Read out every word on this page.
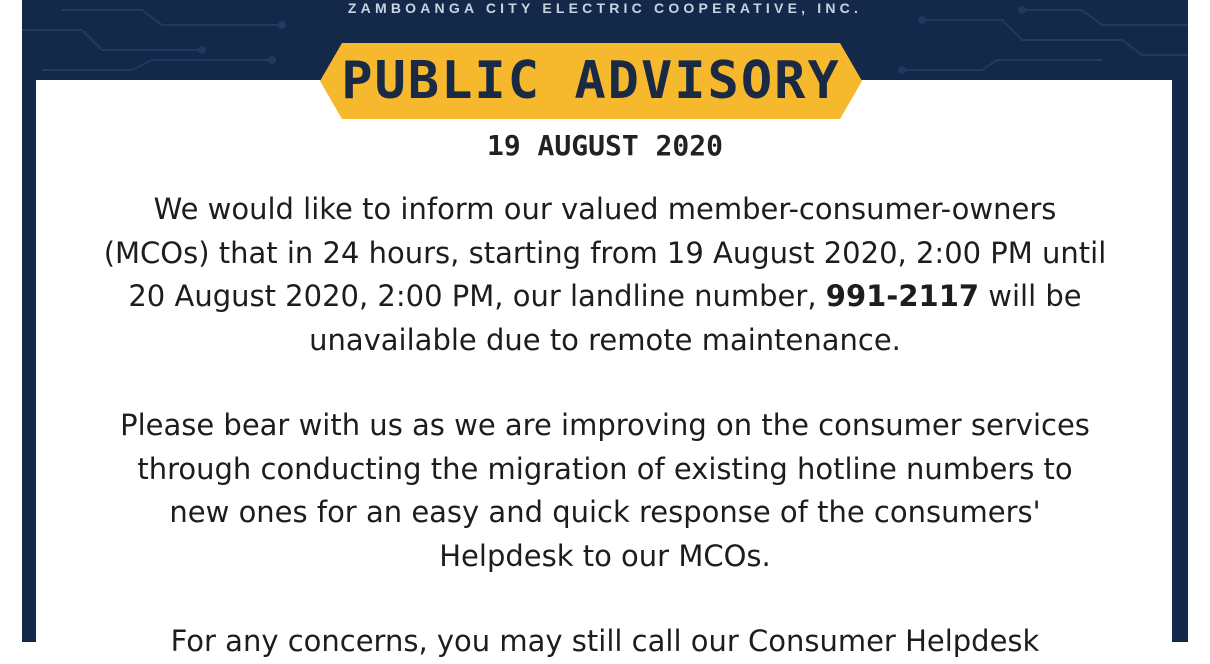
ZAMBOANGA CITY ELECTRIC COOPERATIVE, INC.
PUBLIC ADVISORY
19 AUGUST 2020

We would like to inform our valued member-consumer-owners
(MCOs) that in 24 hours, starting from 19 August 2020, 2:00 PM until
20 August 2020, 2:00 PM, our landline number, 991-2117 will be
unavailable due to remote maintenance.

Please bear with us as we are improving on the consumer services
through conducting the migration of existing hotline numbers to
new ones for an easy and quick response of the consumers'
Helpdesk to our MCOs.

For any concerns, you may still call our Consumer Helpdesk
